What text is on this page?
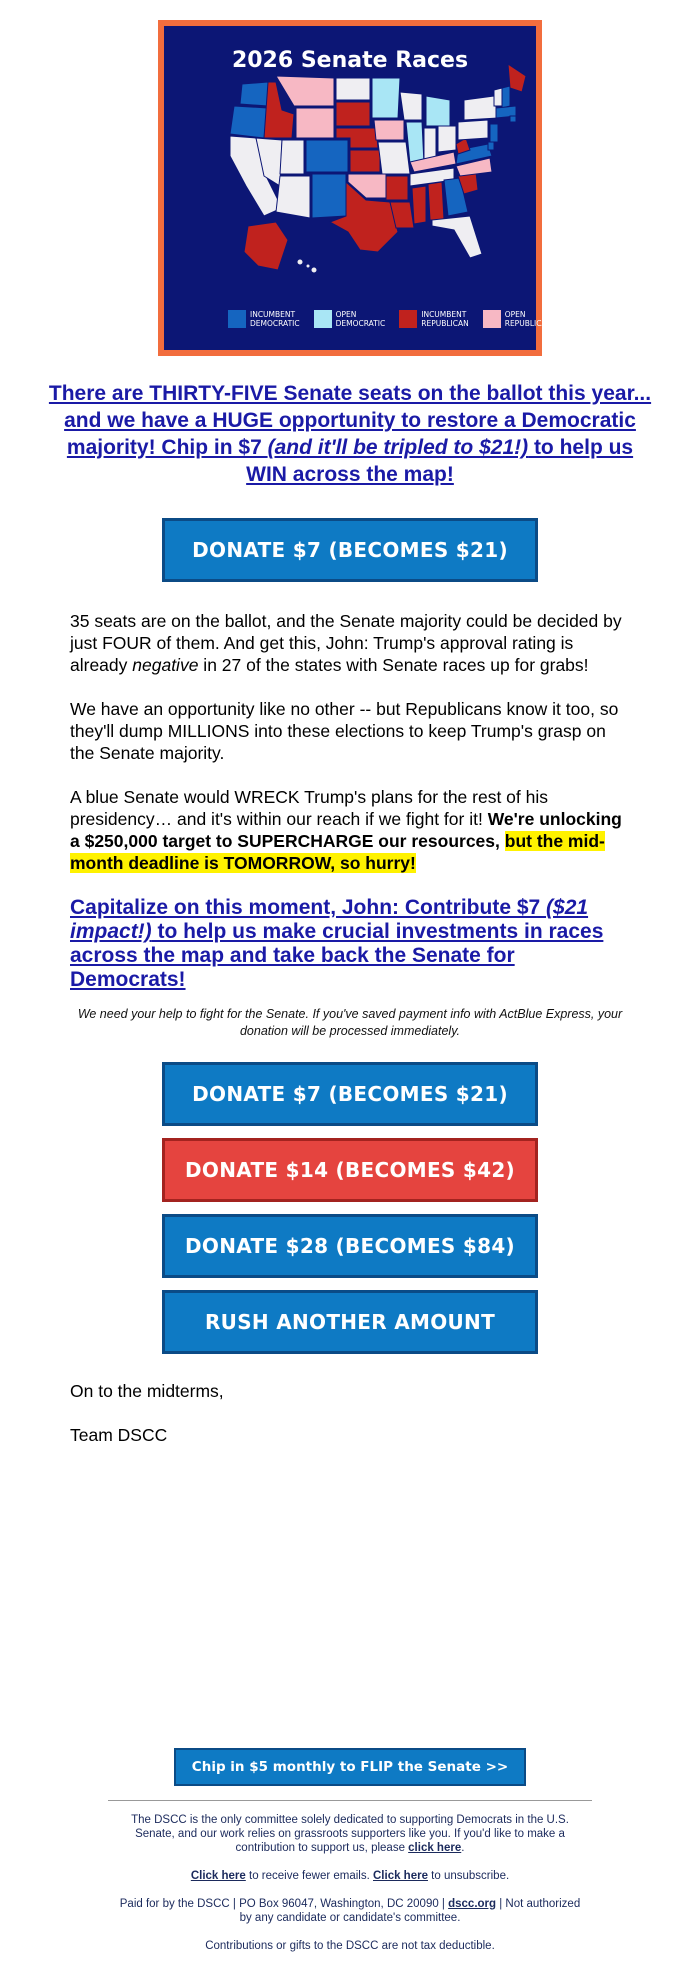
2026 Senate Races
INCUMBENT
DEMOCRATIC
OPEN
DEMOCRATIC
INCUMBENT
REPUBLICAN
OPEN
REPUBLICAN
There are THIRTY-FIVE Senate seats on the ballot this year... and we have a HUGE opportunity to restore a Democratic majority! Chip in $7 (and it'll be tripled to $21!) to help us WIN across the map!
DONATE $7 (BECOMES $21)

35 seats are on the ballot, and the Senate majority could be decided by just FOUR of them. And get this, John: Trump's approval rating is already negative in 27 of the states with Senate races up for grabs!

We have an opportunity like no other -- but Republicans know it too, so they'll dump MILLIONS into these elections to keep Trump's grasp on the Senate majority.

A blue Senate would WRECK Trump's plans for the rest of his presidency… and it's within our reach if we fight for it! We're unlocking a $250,000 target to SUPERCHARGE our resources, but the mid-month deadline is TOMORROW, so hurry!

Capitalize on this moment, John: Contribute $7 ($21 impact!) to help us make crucial investments in races across the map and take back the Senate for Democrats!

We need your help to fight for the Senate. If you've saved payment info with ActBlue Express, your donation will be processed immediately.

DONATE $7 (BECOMES $21)
DONATE $14 (BECOMES $42)
DONATE $28 (BECOMES $84)
RUSH ANOTHER AMOUNT

On to the midterms,

Team DSCC

Chip in $5 monthly to FLIP the Senate >>
The DSCC is the only committee solely dedicated to supporting Democrats in the U.S. Senate, and our work relies on grassroots supporters like you. If you'd like to make a contribution to support us, please click here.
Click here to receive fewer emails. Click here to unsubscribe.
Paid for by the DSCC | PO Box 96047, Washington, DC 20090 | dscc.org | Not authorized by any candidate or candidate's committee.
Contributions or gifts to the DSCC are not tax deductible.
